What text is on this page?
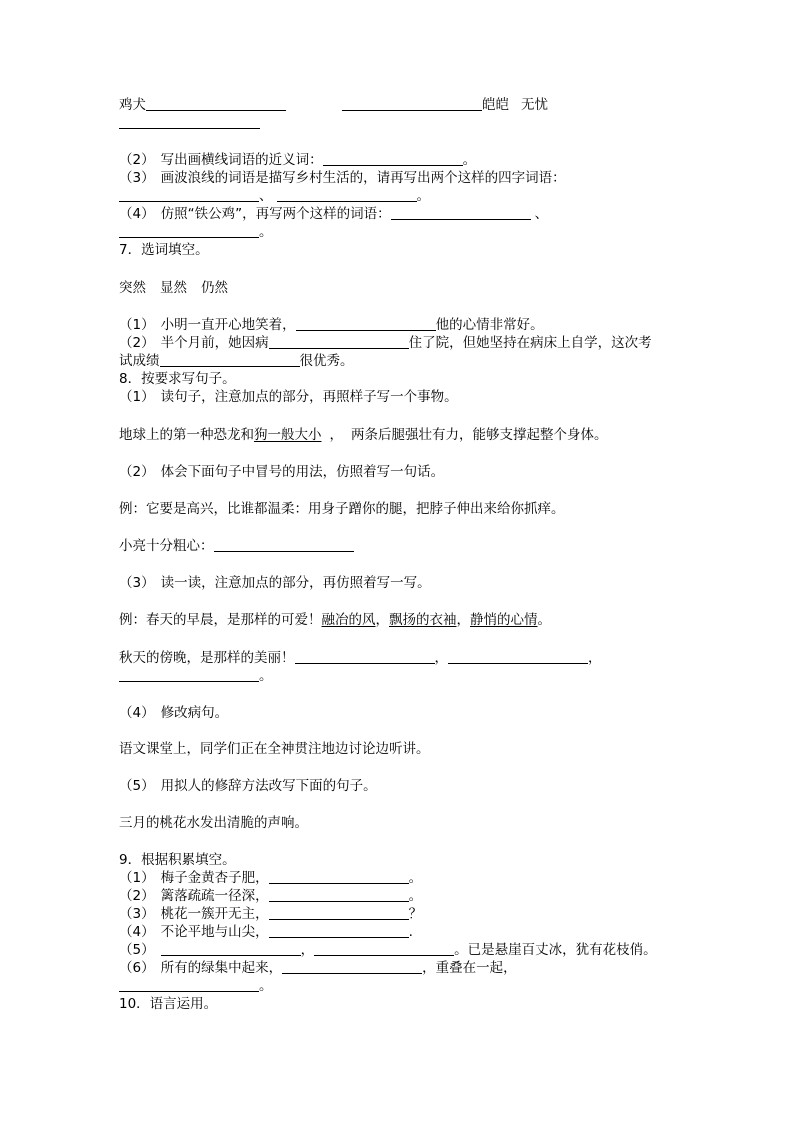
鸡犬	皑皑 无忧
（2） 写出画横线词语的近义词：	。
（3） 画波浪线的词语是描写乡村生活的，请再写出两个这样的四字词语：
、	。
（4） 仿照“铁公鸡”，再写两个这样的词语：	、
。
7．选词填空。
突然 显然 仍然
（1） 小明一直开心地笑着，	他的心情非常好。
（2） 半个月前，她因病	住了院，但她坚持在病床上自学，这次考
试成绩	很优秀。
8．按要求写句子。
（1） 读句子，注意加点的部分，再照样子写一个事物。
地球上的第一种恐龙和狗一般大小 ， 两条后腿强壮有力，能够支撑起整个身体。
（2） 体会下面句子中冒号的用法，仿照着写一句话。
例：它要是高兴，比谁都温柔：用身子蹭你的腿，把脖子伸出来给你抓痒。
小亮十分粗心：
（3） 读一读，注意加点的部分，再仿照着写一写。
例：春天的早晨，是那样的可爱！融冶的风，飘扬的衣袖，静悄的心情。
秋天的傍晚，是那样的美丽！	，	，
。
（4） 修改病句。
语文课堂上，同学们正在全神贯注地边讨论边听讲。
（5） 用拟人的修辞方法改写下面的句子。
三月的桃花水发出清脆的声响。
9．根据积累填空。
（1） 梅子金黄杏子肥，	。
（2） 篱落疏疏一径深，	。
（3） 桃花一簇开无主，	？
（4） 不论平地与山尖，	.
（5）	，	。已是悬崖百丈冰，犹有花枝俏。
（6） 所有的绿集中起来，	，重叠在一起，
。
10．语言运用。
